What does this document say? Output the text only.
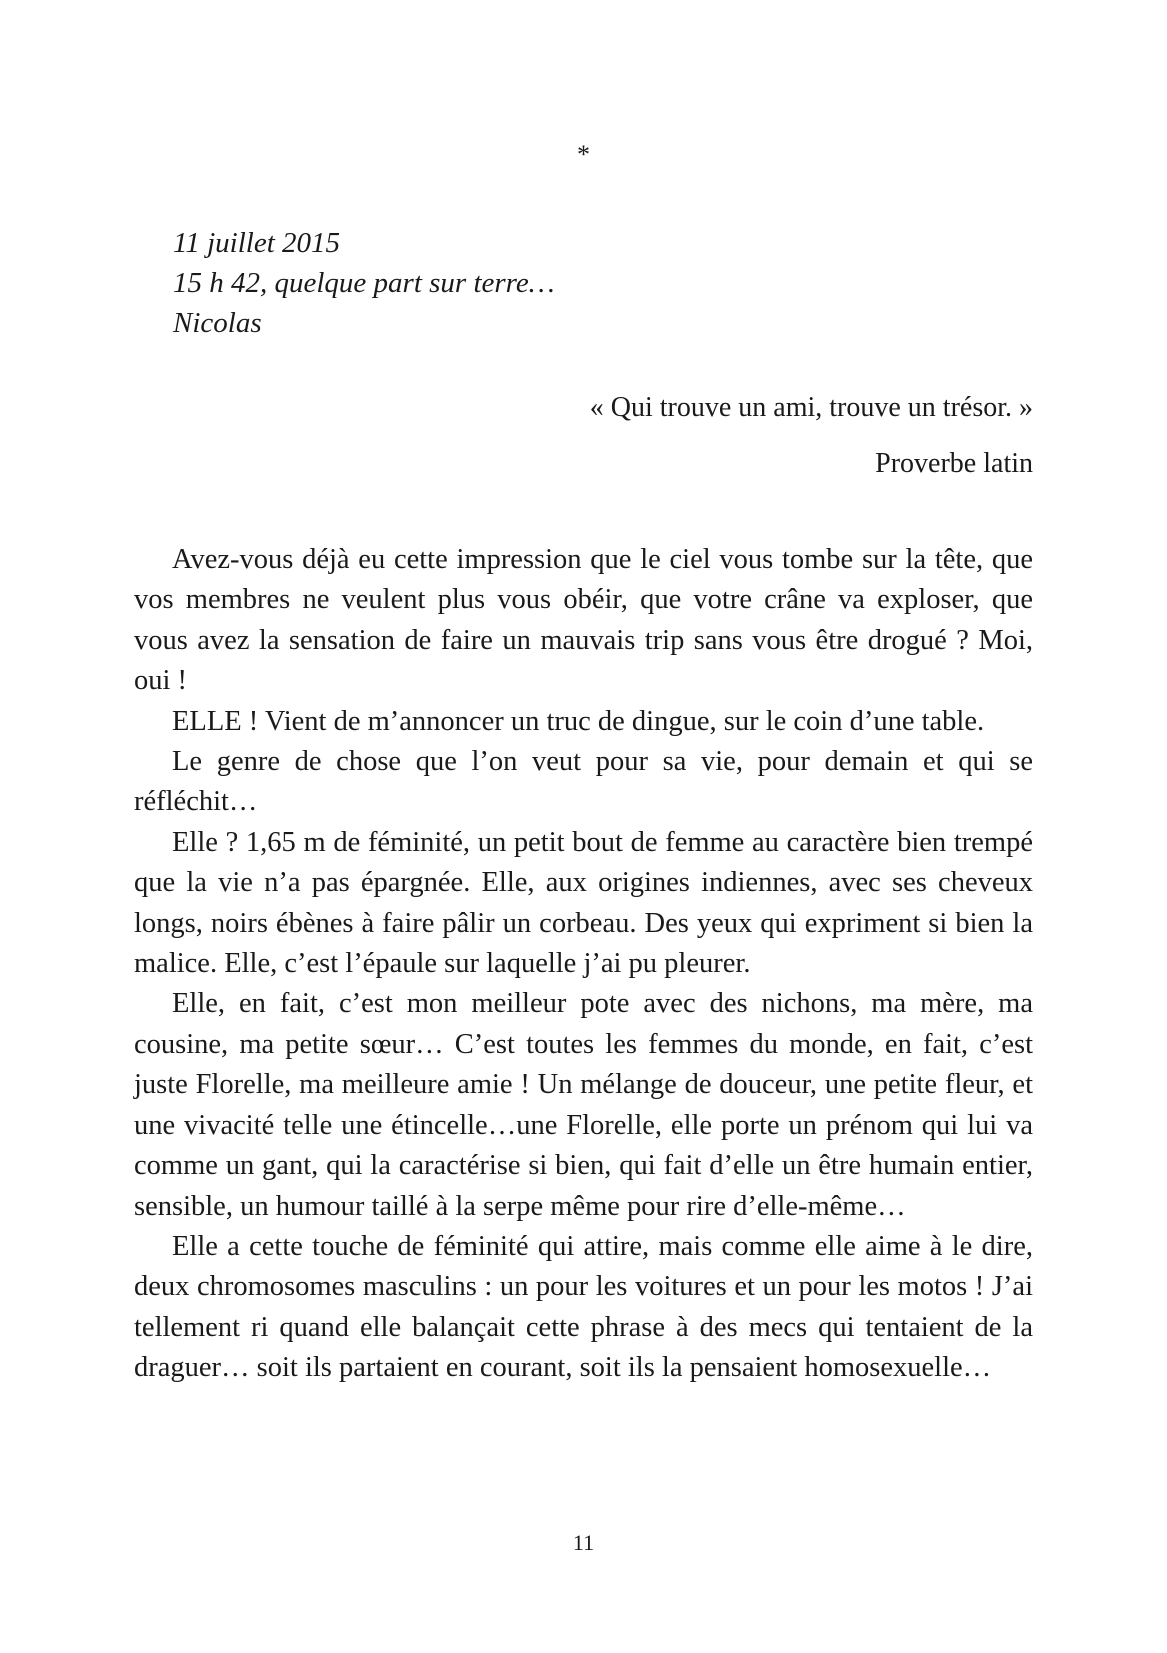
*
11 juillet 2015
15 h 42, quelque part sur terre…
Nicolas
« Qui trouve un ami, trouve un trésor. »
Proverbe latin

Avez-vous déjà eu cette impression que le ciel vous tombe sur la tête, que vos membres ne veulent plus vous obéir, que votre crâne va exploser, que vous avez la sensation de faire un mauvais trip sans vous être drogué ? Moi, oui !

ELLE ! Vient de m’annoncer un truc de dingue, sur le coin d’une table.

Le genre de chose que l’on veut pour sa vie, pour demain et qui se réfléchit…

Elle ? 1,65 m de féminité, un petit bout de femme au caractère bien trempé que la vie n’a pas épargnée. Elle, aux origines indiennes, avec ses cheveux longs, noirs ébènes à faire pâlir un corbeau. Des yeux qui expriment si bien la malice. Elle, c’est l’épaule sur laquelle j’ai pu pleurer.

Elle, en fait, c’est mon meilleur pote avec des nichons, ma mère, ma cousine, ma petite sœur… C’est toutes les femmes du monde, en fait, c’est juste Florelle, ma meilleure amie ! Un mélange de douceur, une petite fleur, et une vivacité telle une étincelle…une Florelle, elle porte un prénom qui lui va comme un gant, qui la caractérise si bien, qui fait d’elle un être humain entier, sensible, un humour taillé à la serpe même pour rire d’elle-même…

Elle a cette touche de féminité qui attire, mais comme elle aime à le dire, deux chromosomes masculins : un pour les voitures et un pour les motos ! J’ai tellement ri quand elle balançait cette phrase à des mecs qui tentaient de la draguer… soit ils partaient en courant, soit ils la pensaient homosexuelle…

11
